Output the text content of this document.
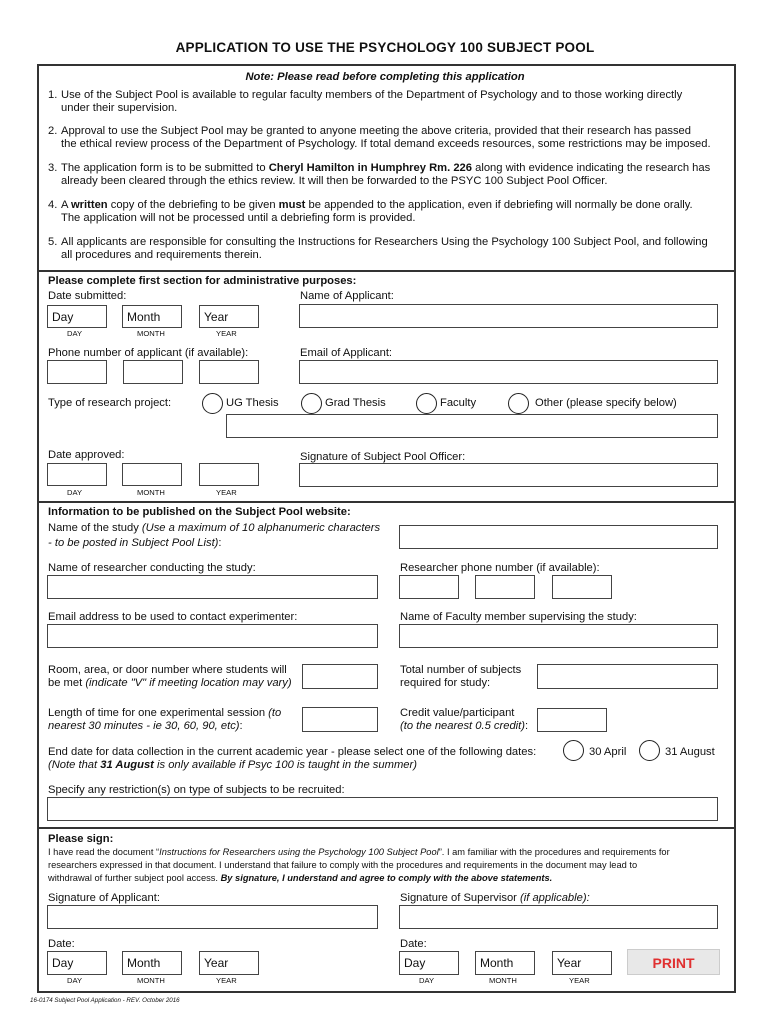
APPLICATION TO USE THE PSYCHOLOGY 100 SUBJECT POOL
Note: Please read before completing this application
1. Use of the Subject Pool is available to regular faculty members of the Department of Psychology and to those working directly
under their supervision.
2. Approval to use the Subject Pool may be granted to anyone meeting the above criteria, provided that their research has passed
the ethical review process of the Department of Psychology. If total demand exceeds resources, some restrictions may be imposed.
3. The application form is to be submitted to Cheryl Hamilton in Humphrey Rm. 226 along with evidence indicating the research has
already been cleared through the ethics review. It will then be forwarded to the PSYC 100 Subject Pool Officer.
4. A written copy of the debriefing to be given must be appended to the application, even if debriefing will normally be done orally.
The application will not be processed until a debriefing form is provided.
5. All applicants are responsible for consulting the Instructions for Researchers Using the Psychology 100 Subject Pool, and following
all procedures and requirements therein.
Please complete first section for administrative purposes:
Date submitted:	Name of Applicant:
Day	Month	Year
DAY	MONTH	YEAR
Phone number of applicant (if available):	Email of Applicant:
Type of research project:	UG Thesis	Grad Thesis	Faculty	Other (please specify below)
Date approved:	Signature of Subject Pool Officer:
DAY	MONTH	YEAR
Information to be published on the Subject Pool website:
Name of the study (Use a maximum of 10 alphanumeric characters
- to be posted in Subject Pool List):
Name of researcher conducting the study:	Researcher phone number (if available):
Email address to be used to contact experimenter:	Name of Faculty member supervising the study:
Room, area, or door number where students will
be met (indicate "V" if meeting location may vary)
Total number of subjects
required for study:
Length of time for one experimental session (to
nearest 30 minutes - ie 30, 60, 90, etc):
Credit value/participant
(to the nearest 0.5 credit):
End date for data collection in the current academic year - please select one of the following dates:
(Note that 31 August is only available if Psyc 100 is taught in the summer)
30 April	31 August
Specify any restriction(s) on type of subjects to be recruited:
Please sign:
I have read the document “Instructions for Researchers using the Psychology 100 Subject Pool”. I am familiar with the procedures and requirements for
researchers expressed in that document. I understand that failure to comply with the procedures and requirements in the document may lead to
withdrawal of further subject pool access. By signature, I understand and agree to comply with the above statements.
Signature of Applicant:	Signature of Supervisor (if applicable):
Date:	Date:
Day	Month	Year
DAY	MONTH	YEAR
Day	Month	Year
DAY	MONTH	YEAR
PRINT
16-0174 Subject Pool Application - REV. October 2016
